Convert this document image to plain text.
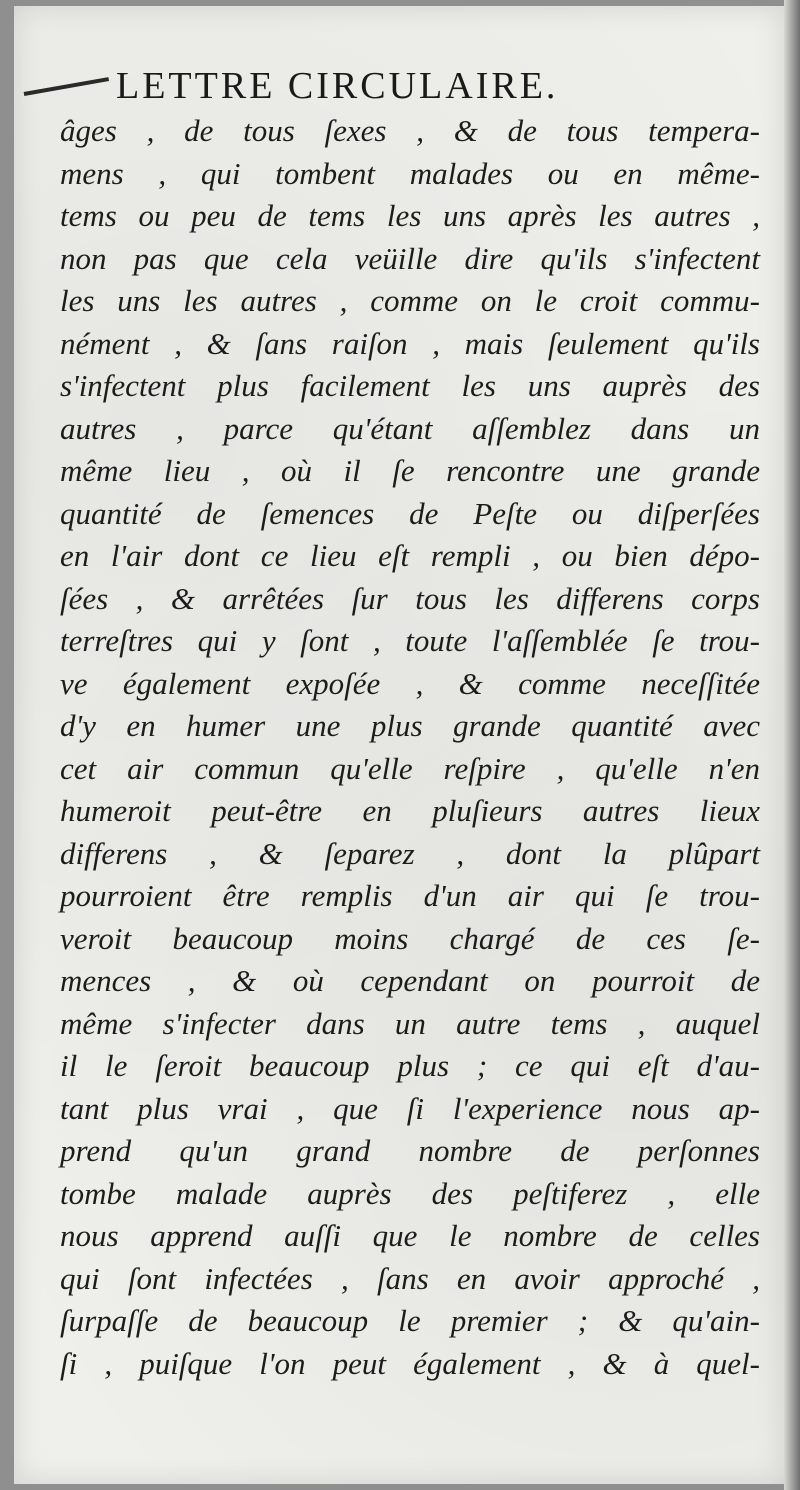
LETTRE CIRCULAIRE.
âges , de tous ſexes , & de tous tempera-
mens , qui tombent malades ou en même-
tems ou peu de tems les uns après les autres ,
non pas que cela veüille dire qu'ils s'infectent
les uns les autres , comme on le croit commu-
nément , & ſans raiſon , mais ſeulement qu'ils
s'infectent plus facilement les uns auprès des
autres , parce qu'étant aſſemblez dans un
même lieu , où il ſe rencontre une grande
quantité de ſemences de Peſte ou diſperſées
en l'air dont ce lieu eſt rempli , ou bien dépo-
ſées , & arrêtées ſur tous les differens corps
terreſtres qui y ſont , toute l'aſſemblée ſe trou-
ve également expoſée , & comme neceſſitée
d'y en humer une plus grande quantité avec
cet air commun qu'elle reſpire , qu'elle n'en
humeroit peut-être en pluſieurs autres lieux
differens , & ſeparez , dont la plûpart
pourroient être remplis d'un air qui ſe trou-
veroit beaucoup moins chargé de ces ſe-
mences , & où cependant on pourroit de
même s'infecter dans un autre tems , auquel
il le ſeroit beaucoup plus ; ce qui eſt d'au-
tant plus vrai , que ſi l'experience nous ap-
prend qu'un grand nombre de perſonnes
tombe malade auprès des peſtiferez , elle
nous apprend auſſi que le nombre de celles
qui ſont infectées , ſans en avoir approché ,
ſurpaſſe de beaucoup le premier ; & qu'ain-
ſi , puiſque l'on peut également , & à quel-
